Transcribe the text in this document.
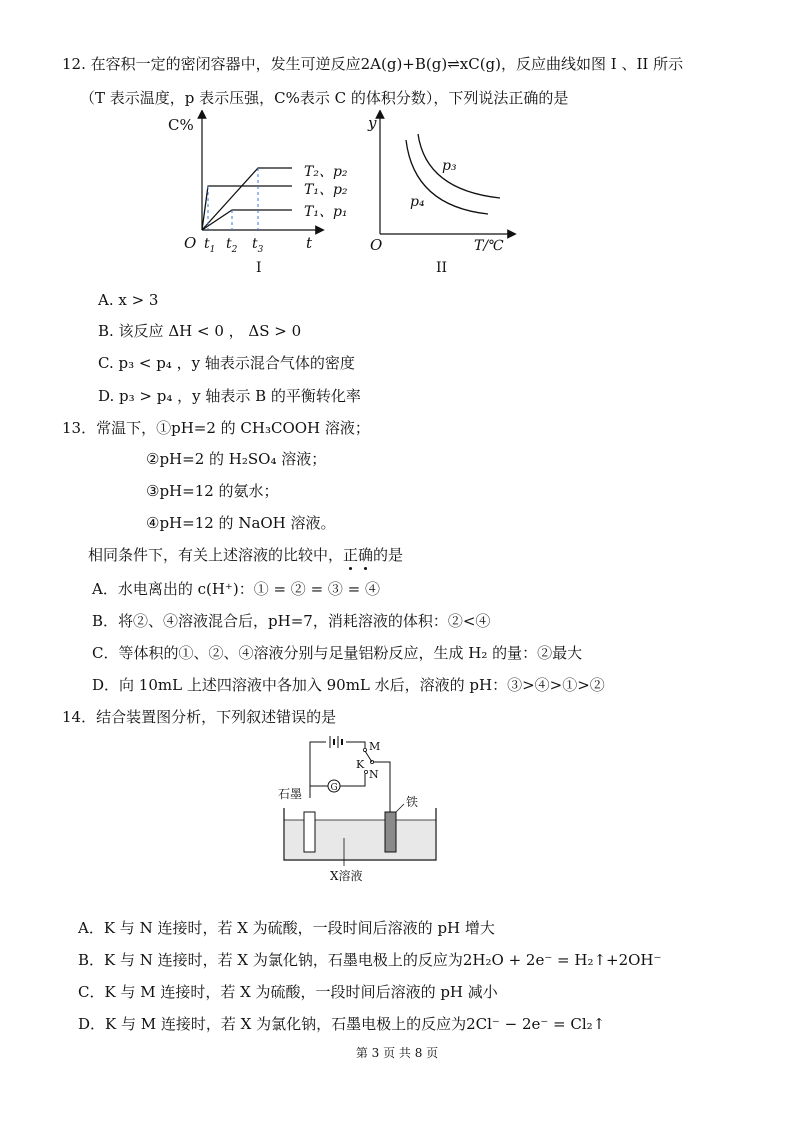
12. 在容积一定的密闭容器中，发生可逆反应2A(g)+B(g)⇌xC(g)，反应曲线如图 I 、II 所示
（T 表示温度，p 表示压强，C%表示 C 的体积分数），下列说法正确的是
C%
O	t
$t_1$ $t_2$ $t_3$
T₂、p₂
T₁、p₂
T₁、p₁
I
y
O	T/℃
p₃
p₄
II
A. x > 3
B. 该反应 ΔH < 0 ， ΔS > 0
C. p₃ < p₄ ，y 轴表示混合气体的密度
D. p₃ > p₄ ，y 轴表示 B 的平衡转化率
13．常温下，①pH=2 的 CH₃COOH 溶液；
②pH=2 的 H₂SO₄ 溶液；
③pH=12 的氨水；
④pH=12 的 NaOH 溶液。
相同条件下，有关上述溶液的比较中，正确的是
A．水电离出的 c(H⁺)：① = ② = ③ = ④
B．将②、④溶液混合后，pH=7，消耗溶液的体积：②<④
C．等体积的①、②、④溶液分别与足量铝粉反应，生成 H₂ 的量：②最大
D．向 10mL 上述四溶液中各加入 90mL 水后，溶液的 pH：③>④>①>②
14．结合装置图分析，下列叙述错误的是
M
K
N
G
石墨
铁
X溶液
A．K 与 N 连接时，若 X 为硫酸，一段时间后溶液的 pH 增大
B．K 与 N 连接时，若 X 为氯化钠，石墨电极上的反应为2H₂O + 2e⁻ = H₂↑+2OH⁻
C．K 与 M 连接时，若 X 为硫酸，一段时间后溶液的 pH 减小
D．K 与 M 连接时，若 X 为氯化钠，石墨电极上的反应为2Cl⁻ − 2e⁻ = Cl₂↑
第 3 页 共 8 页
